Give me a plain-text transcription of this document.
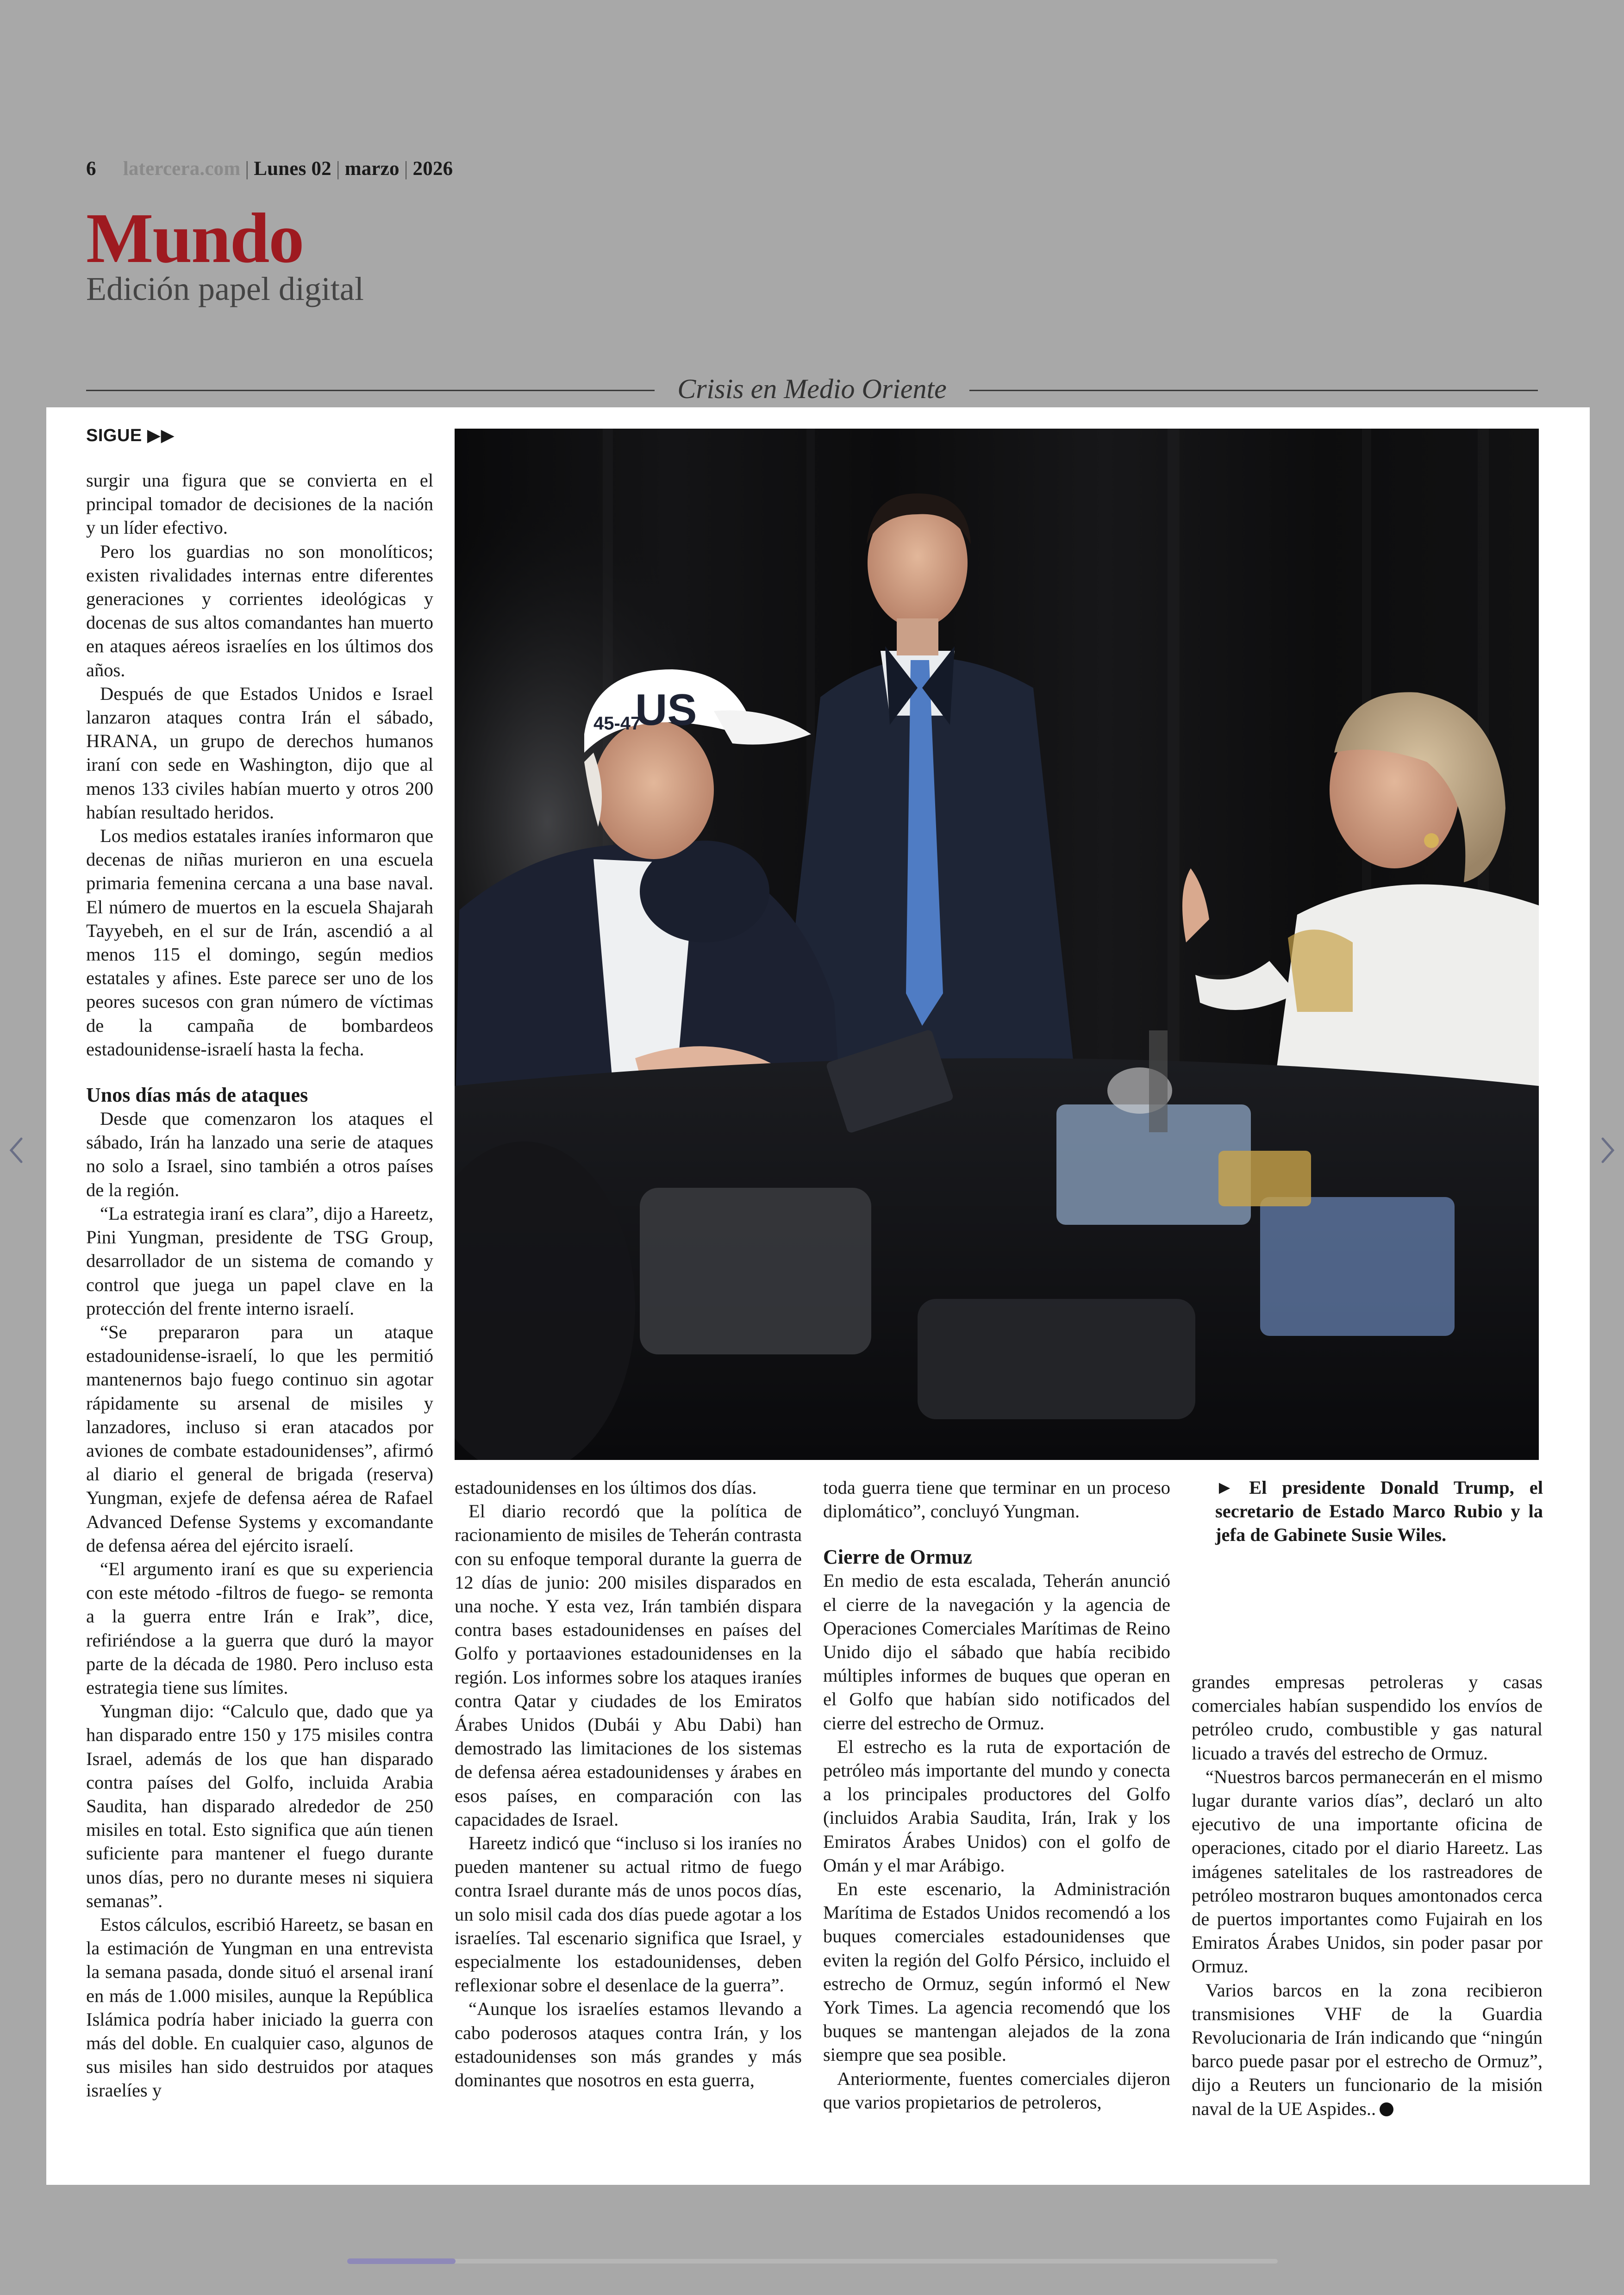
6 latercera.com | Lunes 02 | marzo | 2026
Mundo
Edición papel digital
Crisis en Medio Oriente
SIGUE ▶▶

surgir una figura que se convierta en el principal tomador de decisiones de la nación y un líder efectivo.

Pero los guardias no son monolíticos; existen rivalidades internas entre diferentes generaciones y corrientes ideológicas y docenas de sus altos comandantes han muerto en ataques aéreos israelíes en los últimos dos años.

Después de que Estados Unidos e Israel lanzaron ataques contra Irán el sábado, HRANA, un grupo de derechos humanos iraní con sede en Washington, dijo que al menos 133 civiles habían muerto y otros 200 habían resultado heridos.

Los medios estatales iraníes informaron que decenas de niñas murieron en una escuela primaria femenina cercana a una base naval. El número de muertos en la escuela Shajarah Tayyebeh, en el sur de Irán, ascendió a al menos 115 el domingo, según medios estatales y afines. Este parece ser uno de los peores sucesos con gran número de víctimas de la campaña de bombardeos estadounidense-israelí hasta la fecha.

Unos días más de ataques

Desde que comenzaron los ataques el sábado, Irán ha lanzado una serie de ataques no solo a Israel, sino también a otros países de la región.

“La estrategia iraní es clara”, dijo a Hareetz, Pini Yungman, presidente de TSG Group, desarrollador de un sistema de comando y control que juega un papel clave en la protección del frente interno israelí.

“Se prepararon para un ataque estadounidense-israelí, lo que les permitió mantenernos bajo fuego continuo sin agotar rápidamente su arsenal de misiles y lanzadores, incluso si eran atacados por aviones de combate estadounidenses”, afirmó al diario el general de brigada (reserva) Yungman, exjefe de defensa aérea de Rafael Advanced Defense Systems y excomandante de defensa aérea del ejército israelí.

“El argumento iraní es que su experiencia con este método -filtros de fuego- se remonta a la guerra entre Irán e Irak”, dice, refiriéndose a la guerra que duró la mayor parte de la década de 1980. Pero incluso esta estrategia tiene sus límites.

Yungman dijo: “Calculo que, dado que ya han disparado entre 150 y 175 misiles contra Israel, además de los que han disparado contra países del Golfo, incluida Arabia Saudita, han disparado alrededor de 250 misiles en total. Esto significa que aún tienen suficiente para mantener el fuego durante unos días, pero no durante meses ni siquiera semanas”.

Estos cálculos, escribió Hareetz, se basan en la estimación de Yungman en una entrevista la semana pasada, donde situó el arsenal iraní en más de 1.000 misiles, aunque la República Islámica podría haber iniciado la guerra con más del doble. En cualquier caso, algunos de sus misiles han sido destruidos por ataques israelíes y

US
45-47

estadounidenses en los últimos dos días.

El diario recordó que la política de racionamiento de misiles de Teherán contrasta con su enfoque temporal durante la guerra de 12 días de junio: 200 misiles disparados en una noche. Y esta vez, Irán también dispara contra bases estadounidenses en países del Golfo y portaaviones estadounidenses en la región. Los informes sobre los ataques iraníes contra Qatar y ciudades de los Emiratos Árabes Unidos (Dubái y Abu Dabi) han demostrado las limitaciones de los sistemas de defensa aérea estadounidenses y árabes en esos países, en comparación con las capacidades de Israel.

Hareetz indicó que “incluso si los iraníes no pueden mantener su actual ritmo de fuego contra Israel durante más de unos pocos días, un solo misil cada dos días puede agotar a los israelíes. Tal escenario significa que Israel, y especialmente los estadounidenses, deben reflexionar sobre el desenlace de la guerra”.

“Aunque los israelíes estamos llevando a cabo poderosos ataques contra Irán, y los estadounidenses son más grandes y más dominantes que nosotros en esta guerra,

toda guerra tiene que terminar en un proceso diplomático”, concluyó Yungman.

Cierre de Ormuz

En medio de esta escalada, Teherán anunció el cierre de la navegación y la agencia de Operaciones Comerciales Marítimas de Reino Unido dijo el sábado que había recibido múltiples informes de buques que operan en el Golfo que habían sido notificados del cierre del estrecho de Ormuz.

El estrecho es la ruta de exportación de petróleo más importante del mundo y conecta a los principales productores del Golfo (incluidos Arabia Saudita, Irán, Irak y los Emiratos Árabes Unidos) con el golfo de Omán y el mar Arábigo.

En este escenario, la Administración Marítima de Estados Unidos recomendó a los buques comerciales estadounidenses que eviten la región del Golfo Pérsico, incluido el estrecho de Ormuz, según informó el New York Times. La agencia recomendó que los buques se mantengan alejados de la zona siempre que sea posible.

Anteriormente, fuentes comerciales dijeron que varios propietarios de petroleros,

► El presidente Donald Trump, el secretario de Estado Marco Rubio y la jefa de Gabinete Susie Wiles.

grandes empresas petroleras y casas comerciales habían suspendido los envíos de petróleo crudo, combustible y gas natural licuado a través del estrecho de Ormuz.

“Nuestros barcos permanecerán en el mismo lugar durante varios días”, declaró un alto ejecutivo de una importante oficina de operaciones, citado por el diario Hareetz. Las imágenes satelitales de los rastreadores de petróleo mostraron buques amontonados cerca de puertos importantes como Fujairah en los Emiratos Árabes Unidos, sin poder pasar por Ormuz.

Varios barcos en la zona recibieron transmisiones VHF de la Guardia Revolucionaria de Irán indicando que “ningún barco puede pasar por el estrecho de Ormuz”, dijo a Reuters un funcionario de la misión naval de la UE Aspides..
